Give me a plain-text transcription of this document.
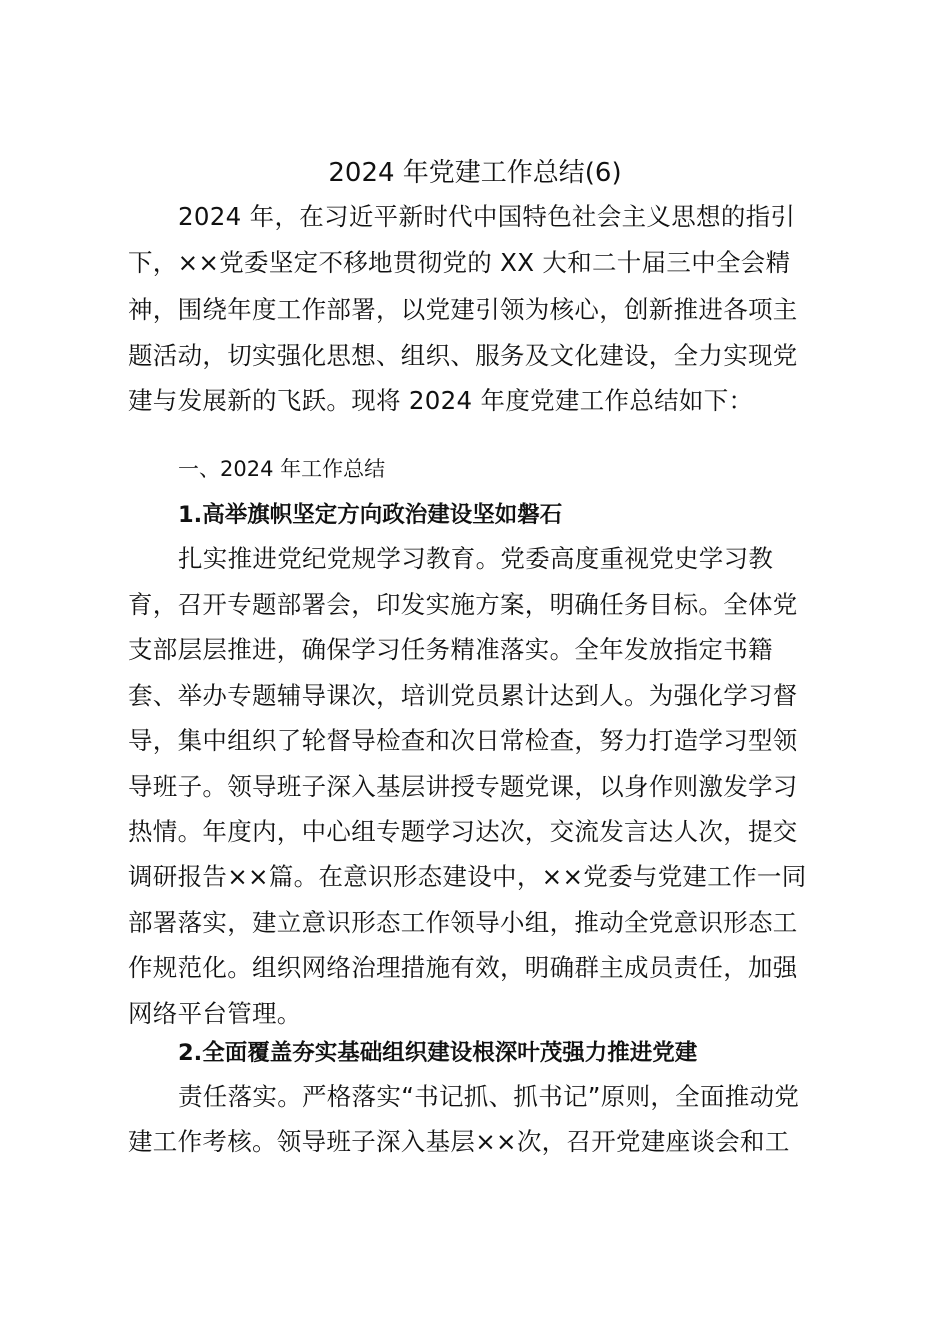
2024 年党建工作总结(6)
2024 年，在习近平新时代中国特色社会主义思想的指引
下，××党委坚定不移地贯彻党的 XX 大和二十届三中全会精
神，围绕年度工作部署，以党建引领为核心，创新推进各项主
题活动，切实强化思想、组织、服务及文化建设，全力实现党
建与发展新的飞跃。现将 2024 年度党建工作总结如下：
一、2024 年工作总结
1.高举旗帜坚定方向政治建设坚如磐石
扎实推进党纪党规学习教育。党委高度重视党史学习教
育，召开专题部署会，印发实施方案，明确任务目标。全体党
支部层层推进，确保学习任务精准落实。全年发放指定书籍
套、举办专题辅导课次，培训党员累计达到人。为强化学习督
导，集中组织了轮督导检查和次日常检查，努力打造学习型领
导班子。领导班子深入基层讲授专题党课，以身作则激发学习
热情。年度内，中心组专题学习达次，交流发言达人次，提交
调研报告××篇。在意识形态建设中，××党委与党建工作一同
部署落实，建立意识形态工作领导小组，推动全党意识形态工
作规范化。组织网络治理措施有效，明确群主成员责任，加强
网络平台管理。
2.全面覆盖夯实基础组织建设根深叶茂强力推进党建
责任落实。严格落实“书记抓、抓书记”原则，全面推动党
建工作考核。领导班子深入基层××次，召开党建座谈会和工
